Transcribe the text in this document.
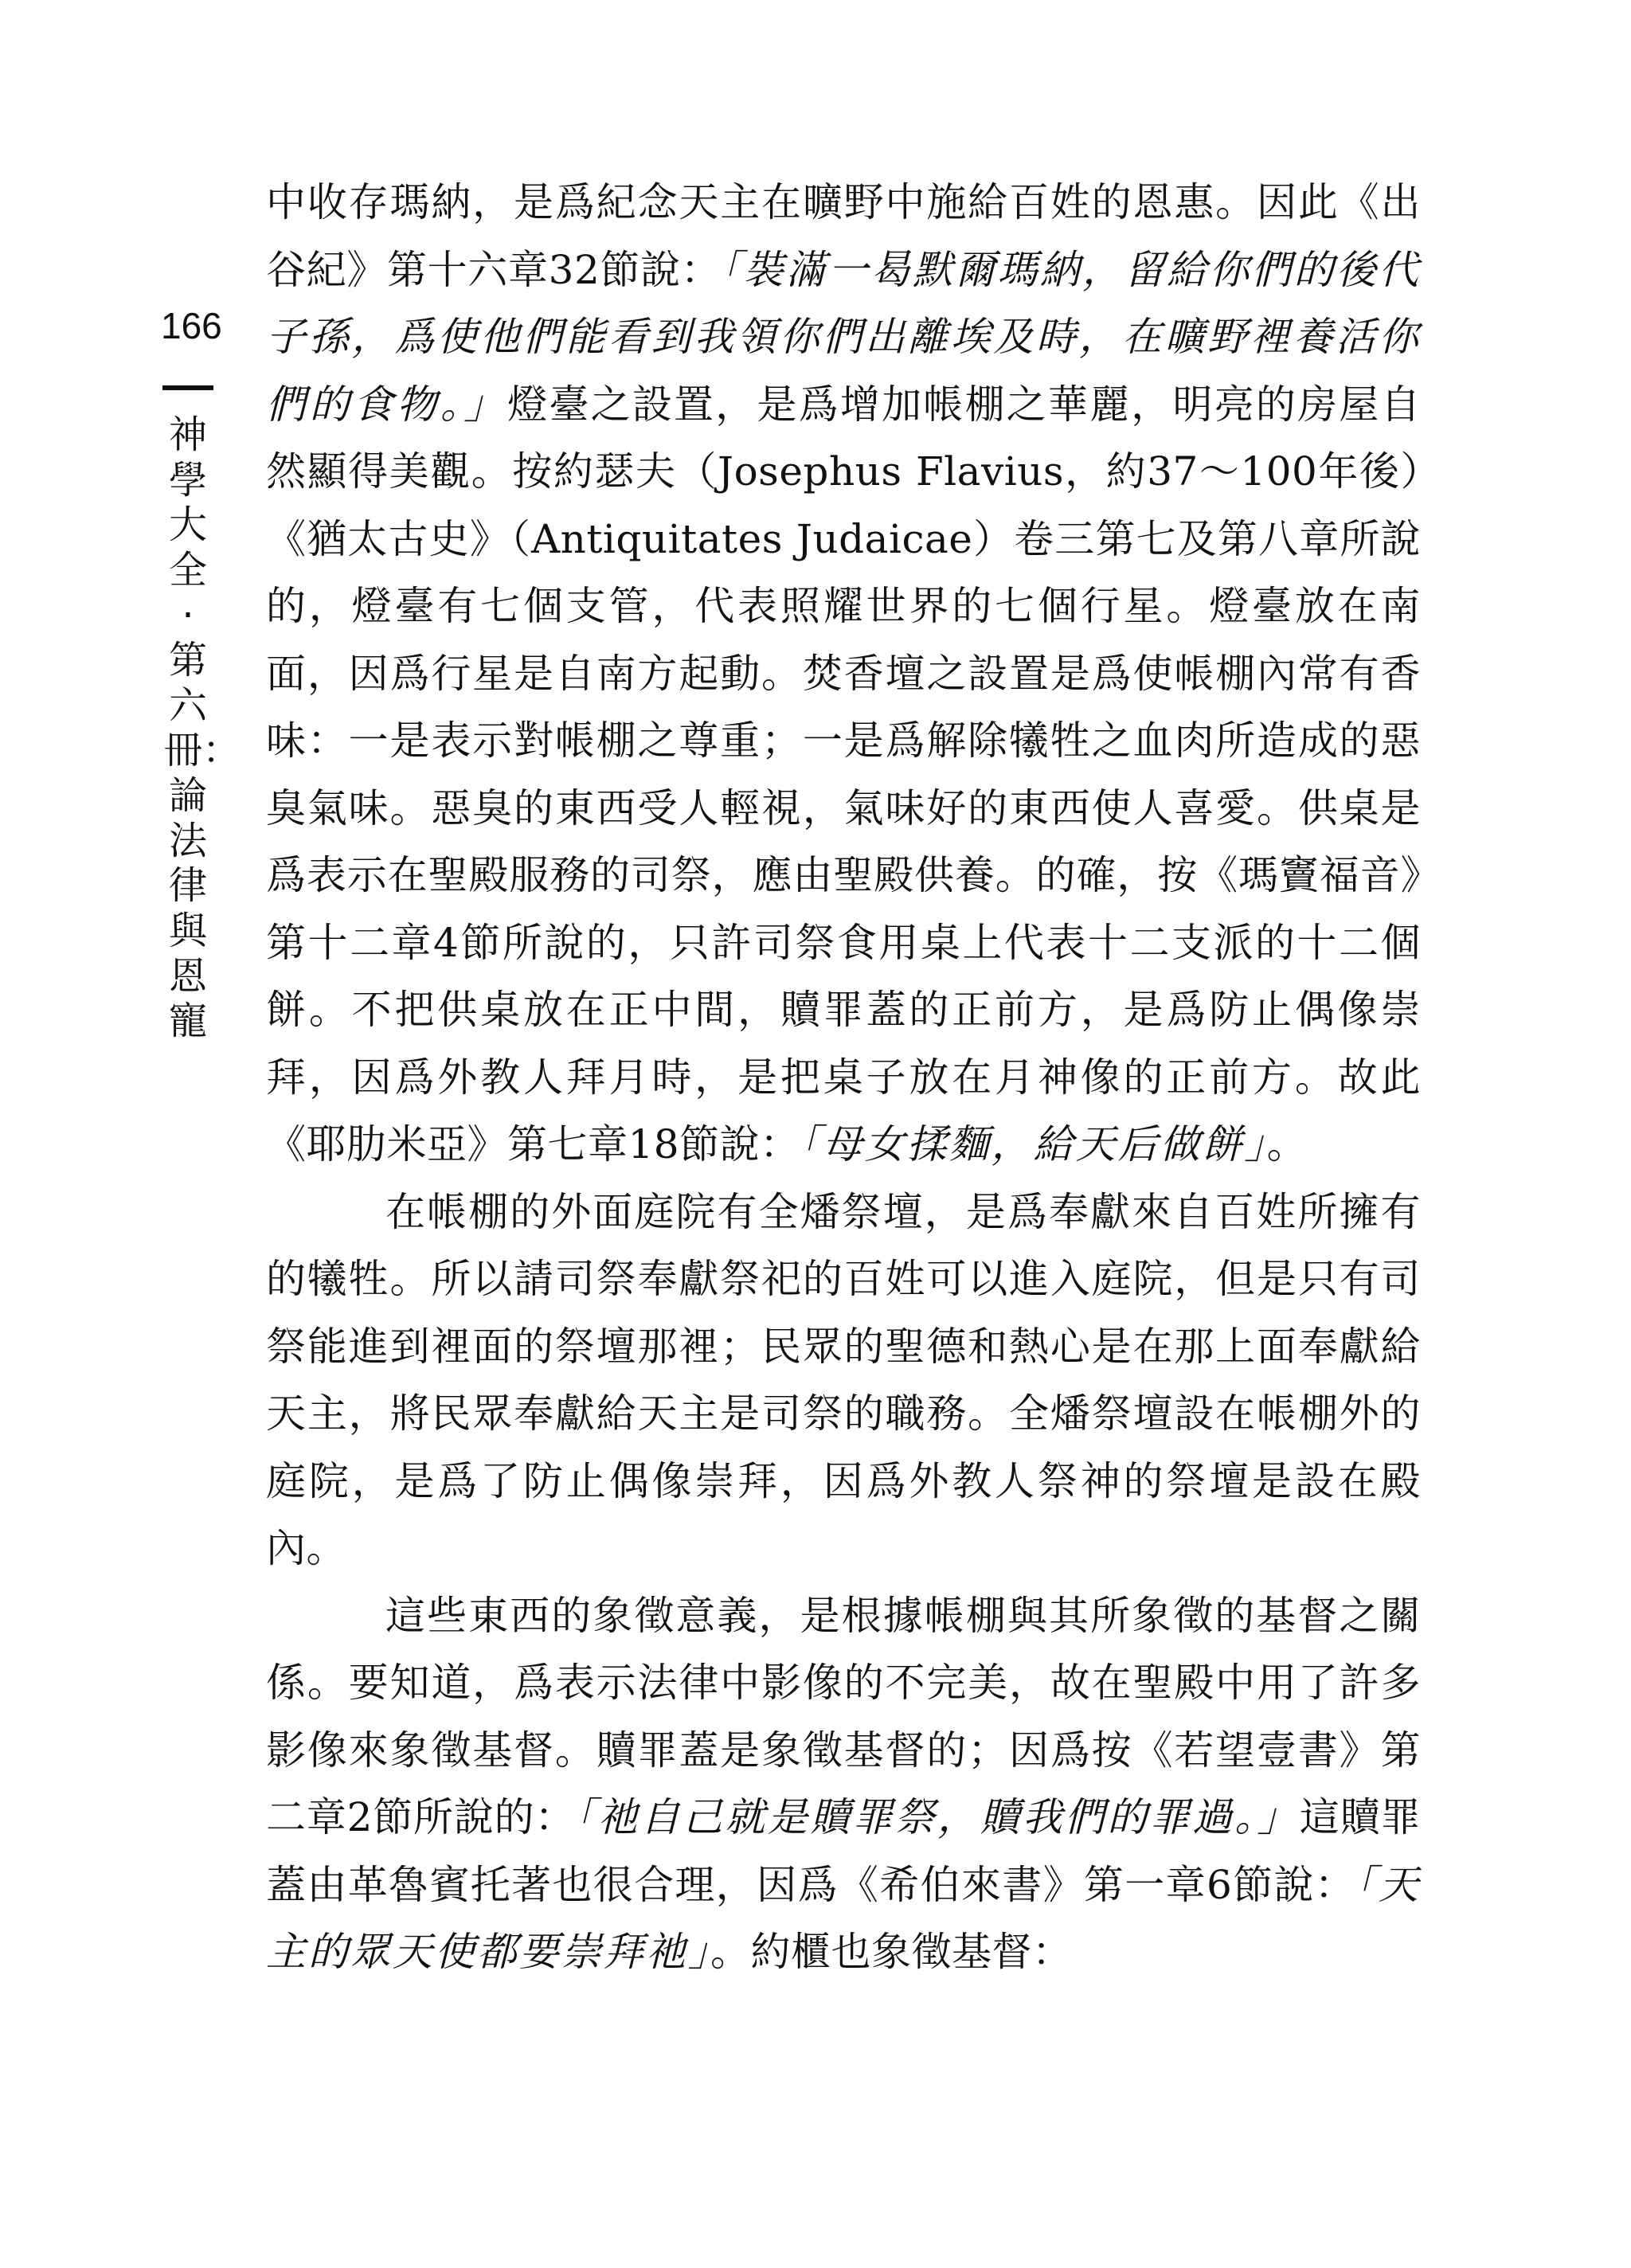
166
神學大全·第六冊：論法律與恩寵

中收存瑪納，是爲紀念天主在曠野中施給百姓的恩惠。因此《出谷紀》第十六章32節說：「裝滿一曷默爾瑪納，留給你們的後代子孫，爲使他們能看到我領你們出離埃及時，在曠野裡養活你們的食物。」燈臺之設置，是爲增加帳棚之華麗，明亮的房屋自然顯得美觀。按約瑟夫（Josephus Flavius，約37～100年後）《猶太古史》（Antiquitates Judaicae）卷三第七及第八章所說的，燈臺有七個支管，代表照耀世界的七個行星。燈臺放在南面，因爲行星是自南方起動。焚香壇之設置是爲使帳棚內常有香味：一是表示對帳棚之尊重；一是爲解除犧牲之血肉所造成的惡臭氣味。惡臭的東西受人輕視，氣味好的東西使人喜愛。供桌是爲表示在聖殿服務的司祭，應由聖殿供養。的確，按《瑪竇福音》第十二章4節所說的，只許司祭食用桌上代表十二支派的十二個餅。不把供桌放在正中間，贖罪蓋的正前方，是爲防止偶像崇拜，因爲外教人拜月時，是把桌子放在月神像的正前方。故此《耶肋米亞》第七章18節說：「母女揉麵，給天后做餅」。

在帳棚的外面庭院有全燔祭壇，是爲奉獻來自百姓所擁有的犧牲。所以請司祭奉獻祭祀的百姓可以進入庭院，但是只有司祭能進到裡面的祭壇那裡；民眾的聖德和熱心是在那上面奉獻給天主，將民眾奉獻給天主是司祭的職務。全燔祭壇設在帳棚外的庭院，是爲了防止偶像崇拜，因爲外教人祭神的祭壇是設在殿內。

這些東西的象徵意義，是根據帳棚與其所象徵的基督之關係。要知道，爲表示法律中影像的不完美，故在聖殿中用了許多影像來象徵基督。贖罪蓋是象徵基督的；因爲按《若望壹書》第二章2節所說的：「祂自己就是贖罪祭，贖我們的罪過。」這贖罪蓋由革魯賓托著也很合理，因爲《希伯來書》第一章6節說：「天主的眾天使都要崇拜祂」。約櫃也象徵基督：
